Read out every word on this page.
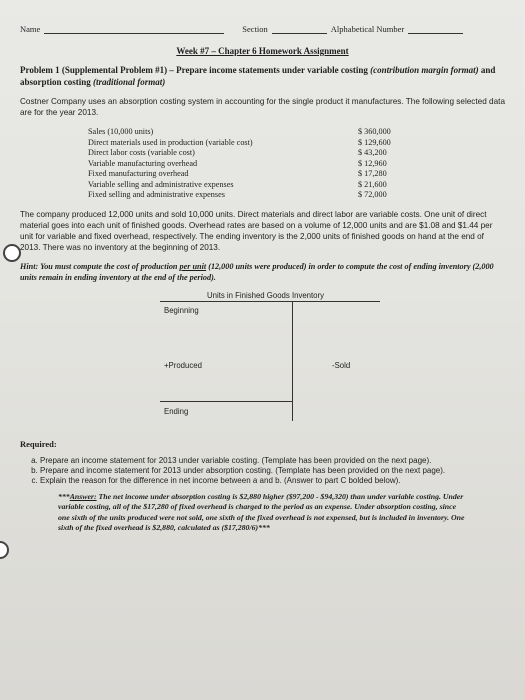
Name	Section	Alphabetical Number
Week #7 – Chapter 6 Homework Assignment
Problem 1 (Supplemental Problem #1) – Prepare income statements under variable costing (contribution margin format) and absorption costing (traditional format)

Costner Company uses an absorption costing system in accounting for the single product it manufactures. The following selected data are for the year 2013.

Sales (10,000 units)	$ 360,000
Direct materials used in production (variable cost)	$ 129,600
Direct labor costs (variable cost)	$ 43,200
Variable manufacturing overhead	$ 12,960
Fixed manufacturing overhead	$ 17,280
Variable selling and administrative expenses	$ 21,600
Fixed selling and administrative expenses	$ 72,000

The company produced 12,000 units and sold 10,000 units. Direct materials and direct labor are variable costs. One unit of direct material goes into each unit of finished goods. Overhead rates are based on a volume of 12,000 units and are $1.08 and $1.44 per unit for variable and fixed overhead, respectively. The ending inventory is the 2,000 units of finished goods on hand at the end of 2013. There was no inventory at the beginning of 2013.

Hint: You must compute the cost of production per unit (12,000 units were produced) in order to compute the cost of ending inventory (2,000 units remain in ending inventory at the end of the period).

Units in Finished Goods Inventory
Beginning
+Produced	-Sold
Ending
Required:
a. Prepare an income statement for 2013 under variable costing. (Template has been provided on the next page).
b. Prepare and income statement for 2013 under absorption costing. (Template has been provided on the next page).
c. Explain the reason for the difference in net income between a and b. (Answer to part C bolded below).

***Answer: The net income under absorption costing is $2,880 higher ($97,200 - $94,320) than under variable costing. Under variable costing, all of the $17,280 of fixed overhead is charged to the period as an expense. Under absorption costing, since one sixth of the units produced were not sold, one sixth of the fixed overhead is not expensed, but is included in inventory. One sixth of the fixed overhead is $2,880, calculated as ($17,280/6)***
